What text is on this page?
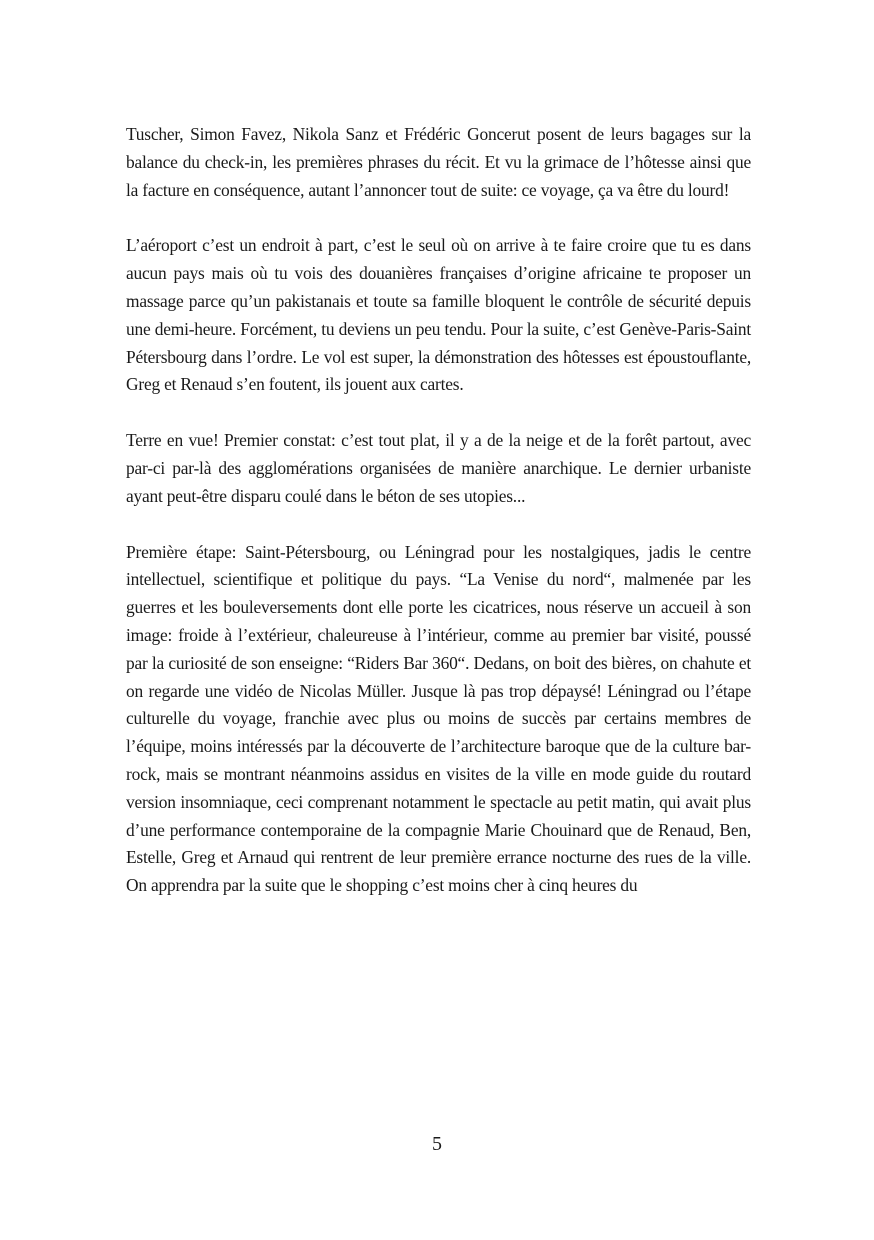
Tuscher, Simon Favez, Nikola Sanz et Frédéric Goncerut posent de leurs bagages sur la balance du check-in, les premières phrases du récit. Et vu la grimace de l’hôtesse ainsi que la facture en conséquence, autant l’annoncer tout de suite: ce voyage, ça va être du lourd!

L’aéroport c’est un endroit à part, c’est le seul où on arrive à te faire croire que tu es dans aucun pays mais où tu vois des douanières françaises d’origine africaine te proposer un massage parce qu’un pakistanais et toute sa famille bloquent le contrôle de sécurité depuis une demi-heure. Forcément, tu deviens un peu tendu. Pour la suite, c’est Genève-Paris-Saint Pétersbourg dans l’ordre. Le vol est super, la démonstration des hôtesses est époustouflante, Greg et Renaud s’en foutent, ils jouent aux cartes.

Terre en vue! Premier constat: c’est tout plat, il y a de la neige et de la forêt partout, avec par-ci par-là des agglomérations organisées de manière anarchique. Le dernier urbaniste ayant peut-être disparu coulé dans le béton de ses utopies...

Première étape: Saint-Pétersbourg, ou Léningrad pour les nostalgiques, jadis le centre intellectuel, scientifique et politique du pays. “La Venise du nord“, malmenée par les guerres et les bouleversements dont elle porte les cicatrices, nous réserve un accueil à son image: froide à l’extérieur, chaleureuse à l’intérieur, comme au premier bar visité, poussé par la curiosité de son enseigne: “Riders Bar 360“. Dedans, on boit des bières, on chahute et on regarde une vidéo de Nicolas Müller. Jusque là pas trop dépaysé! Léningrad ou l’étape culturelle du voyage, franchie avec plus ou moins de succès par certains membres de l’équipe, moins intéressés par la découverte de l’architecture baroque que de la culture bar-rock, mais se montrant néanmoins assidus en visites de la ville en mode guide du routard version insomniaque, ceci comprenant notamment le spectacle au petit matin, qui avait plus d’une performance contemporaine de la compagnie Marie Chouinard que de Renaud, Ben, Estelle, Greg et Arnaud qui rentrent de leur première errance nocturne des rues de la ville. On apprendra par la suite que le shopping c’est moins cher à cinq heures du

5
